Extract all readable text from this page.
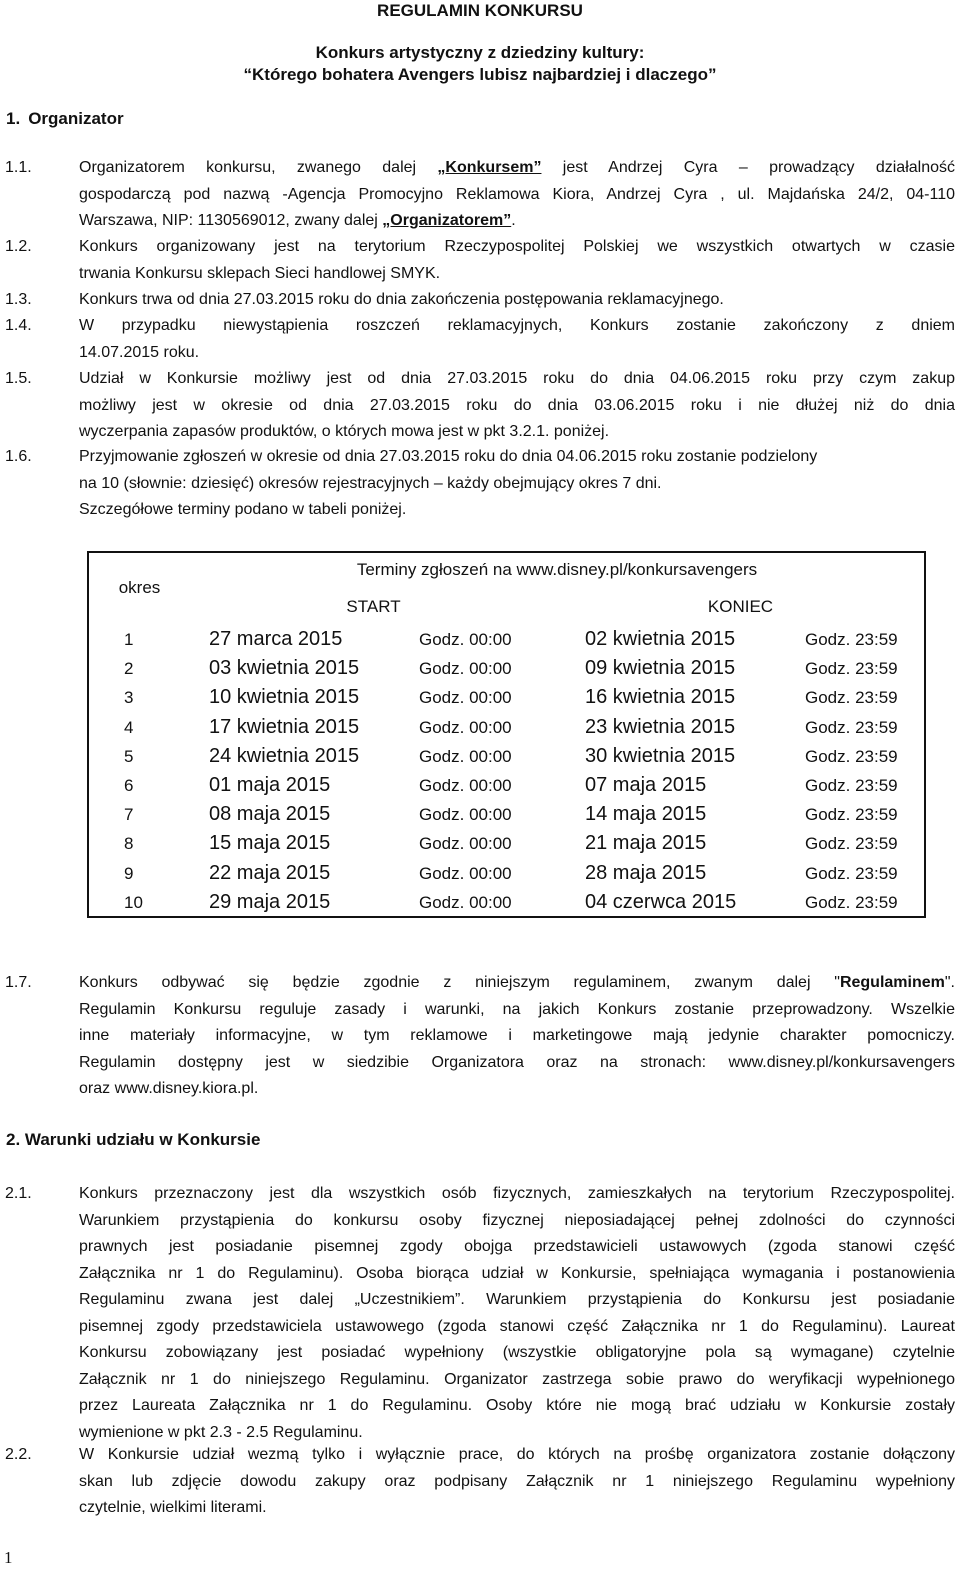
REGULAMIN KONKURSU
Konkurs artystyczny z dziedziny kultury:
“Którego bohatera Avengers lubisz najbardziej i dlaczego”
1. Organizator
1.1.	Organizatorem konkursu, zwanego dalej „Konkursem” jest Andrzej Cyra – prowadzący działalność
gospodarczą pod nazwą -Agencja Promocyjno Reklamowa Kiora, Andrzej Cyra , ul. Majdańska 24/2, 04-110
Warszawa, NIP: 1130569012, zwany dalej „Organizatorem”.
1.2.	Konkurs organizowany jest na terytorium Rzeczypospolitej Polskiej we wszystkich otwartych w czasie
trwania Konkursu sklepach Sieci handlowej SMYK.
1.3.	Konkurs trwa od dnia 27.03.2015 roku do dnia zakończenia postępowania reklamacyjnego.
1.4.	W przypadku niewystąpienia roszczeń reklamacyjnych, Konkurs zostanie zakończony z dniem
14.07.2015 roku.
1.5.	Udział w Konkursie możliwy jest od dnia 27.03.2015 roku do dnia 04.06.2015 roku przy czym zakup
możliwy jest w okresie od dnia 27.03.2015 roku do dnia 03.06.2015 roku i nie dłużej niż do dnia
wyczerpania zapasów produktów, o których mowa jest w pkt 3.2.1. poniżej.
1.6.	Przyjmowanie zgłoszeń w okresie od dnia 27.03.2015 roku do dnia 04.06.2015 roku zostanie podzielony
na 10 (słownie: dziesięć) okresów rejestracyjnych – każdy obejmujący okres 7 dni.
Szczegółowe terminy podano w tabeli poniżej.
okres
Terminy zgłoszeń na www.disney.pl/konkursavengers
START	KONIEC
1	27 marca 2015	Godz. 00:00	02 kwietnia 2015	Godz. 23:59
2	03 kwietnia 2015	Godz. 00:00	09 kwietnia 2015	Godz. 23:59
3	10 kwietnia 2015	Godz. 00:00	16 kwietnia 2015	Godz. 23:59
4	17 kwietnia 2015	Godz. 00:00	23 kwietnia 2015	Godz. 23:59
5	24 kwietnia 2015	Godz. 00:00	30 kwietnia 2015	Godz. 23:59
6	01 maja 2015	Godz. 00:00	07 maja 2015	Godz. 23:59
7	08 maja 2015	Godz. 00:00	14 maja 2015	Godz. 23:59
8	15 maja 2015	Godz. 00:00	21 maja 2015	Godz. 23:59
9	22 maja 2015	Godz. 00:00	28 maja 2015	Godz. 23:59
10	29 maja 2015	Godz. 00:00	04 czerwca 2015	Godz. 23:59
1.7.	Konkurs odbywać się będzie zgodnie z niniejszym regulaminem, zwanym dalej "Regulaminem".
Regulamin Konkursu reguluje zasady i warunki, na jakich Konkurs zostanie przeprowadzony. Wszelkie
inne materiały informacyjne, w tym reklamowe i marketingowe mają jedynie charakter pomocniczy.
Regulamin dostępny jest w siedzibie Organizatora oraz na stronach: www.disney.pl/konkursavengers
oraz www.disney.kiora.pl.
2. Warunki udziału w Konkursie
2.1.	Konkurs przeznaczony jest dla wszystkich osób fizycznych, zamieszkałych na terytorium Rzeczypospolitej.
Warunkiem przystąpienia do konkursu osoby fizycznej nieposiadającej pełnej zdolności do czynności
prawnych jest posiadanie pisemnej zgody obojga przedstawicieli ustawowych (zgoda stanowi część
Załącznika nr 1 do Regulaminu). Osoba biorąca udział w Konkursie, spełniająca wymagania i postanowienia
Regulaminu zwana jest dalej „Uczestnikiem”. Warunkiem przystąpienia do Konkursu jest posiadanie
pisemnej zgody przedstawiciela ustawowego (zgoda stanowi część Załącznika nr 1 do Regulaminu). Laureat
Konkursu zobowiązany jest posiadać wypełniony (wszystkie obligatoryjne pola są wymagane) czytelnie
Załącznik nr 1 do niniejszego Regulaminu. Organizator zastrzega sobie prawo do weryfikacji wypełnionego
przez Laureata Załącznika nr 1 do Regulaminu. Osoby które nie mogą brać udziału w Konkursie zostały
wymienione w pkt 2.3 - 2.5 Regulaminu.
2.2.	W Konkursie udział wezmą tylko i wyłącznie prace, do których na prośbę organizatora zostanie dołączony
skan lub zdjęcie dowodu zakupy oraz podpisany Załącznik nr 1 niniejszego Regulaminu wypełniony
czytelnie, wielkimi literami.
1
